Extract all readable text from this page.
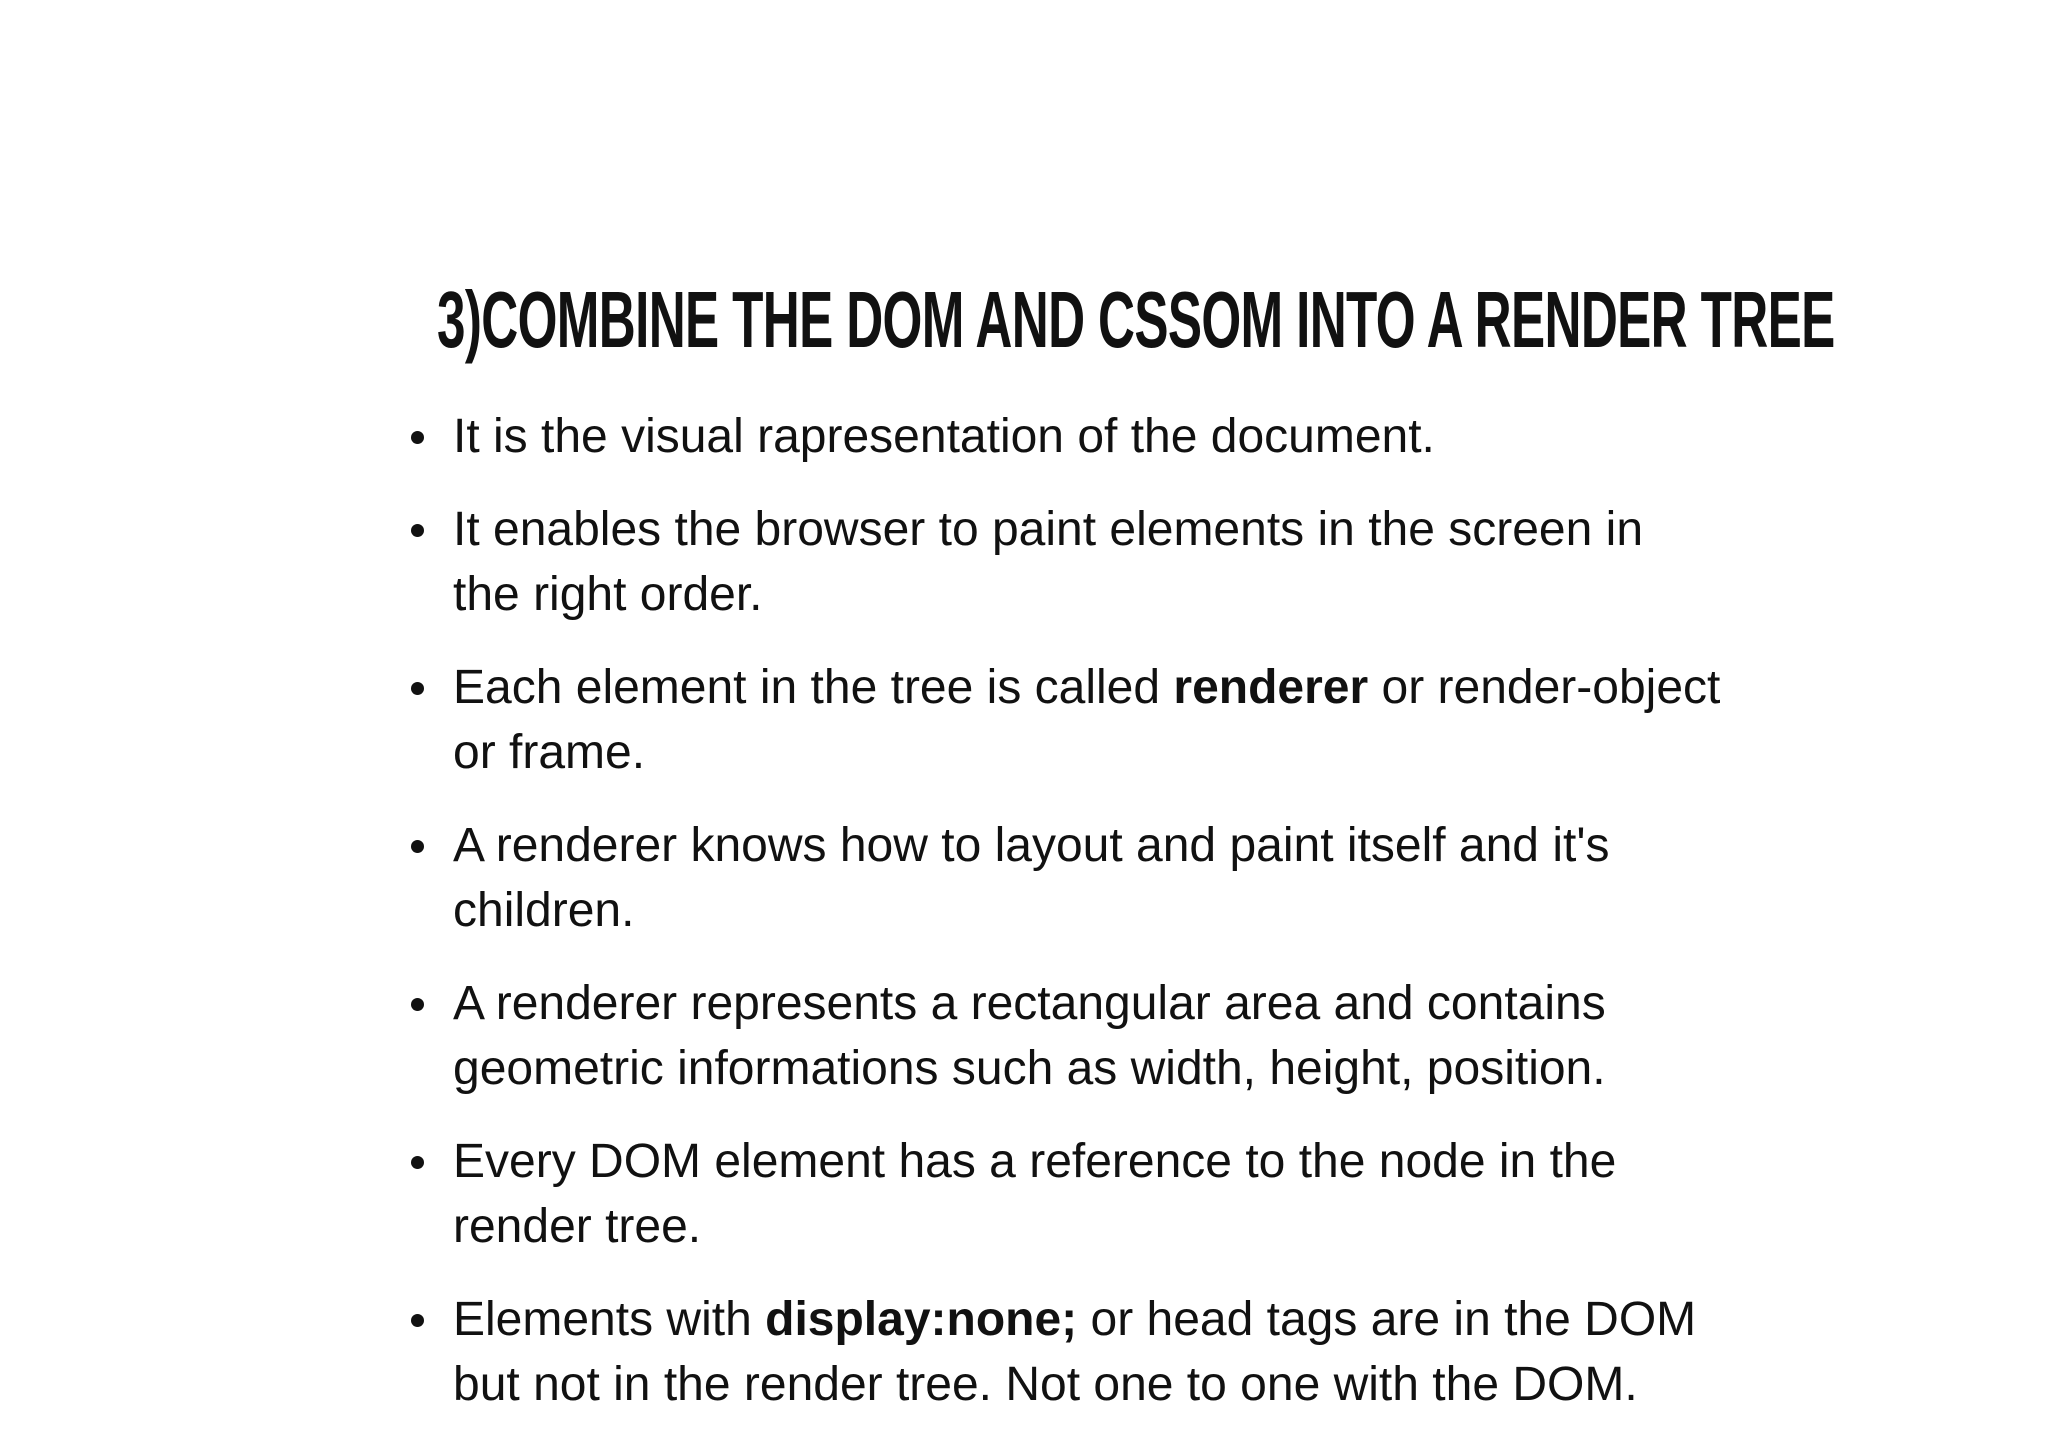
3)COMBINE THE DOM AND CSSOM INTO A RENDER TREE
It is the visual rapresentation of the document.
It enables the browser to paint elements in the screen in the right order.
Each element in the tree is called renderer or render-object or frame.
A renderer knows how to layout and paint itself and it's children.
A renderer represents a rectangular area and contains geometric informations such as width, height, position.
Every DOM element has a reference to the node in the render tree.
Elements with display:none; or head tags are in the DOM but not in the render tree. Not one to one with the DOM.
